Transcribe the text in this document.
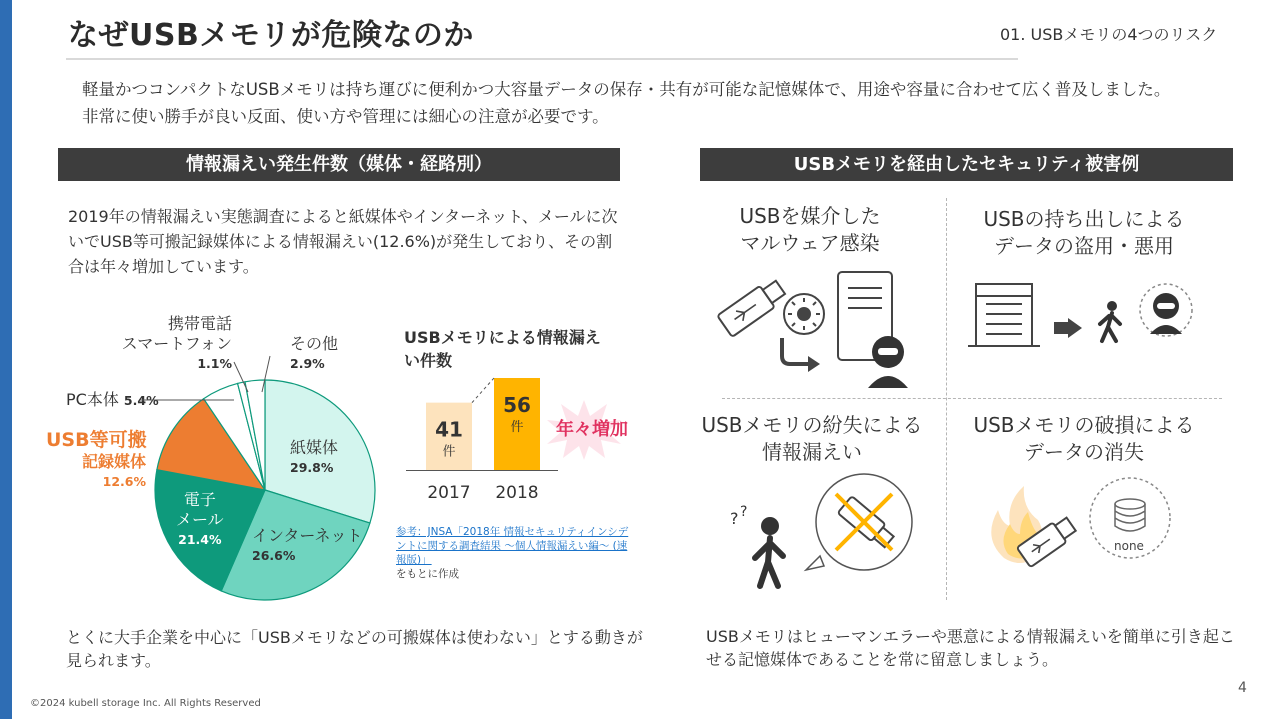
なぜUSBメモリが危険なのか	01. USBメモリの4つのリスク
軽量かつコンパクトなUSBメモリは持ち運びに便利かつ大容量データの保存・共有が可能な記憶媒体で、用途や容量に合わせて広く普及しました。非常に使い勝手が良い反面、使い方や管理には細心の注意が必要です。
情報漏えい発生件数（媒体・経路別）
2019年の情報漏えい実態調査によると紙媒体やインターネット、メールに次いでUSB等可搬記録媒体による情報漏えい(12.6%)が発生しており、その割合は年々増加しています。
紙媒体
29.8%
インターネット
26.6%
電子
メール
21.4%
USB等可搬
記録媒体
12.6%
PC本体 5.4%
携帯電話
スマートフォン
1.1%
その他
2.9%
USBメモリによる情報漏えい件数
41
件
2017
56
件
2018
年々増加
参考：JNSA「2018年 情報セキュリティインシデントに関する調査結果 〜個人情報漏えい編〜 (速報版)」
をもとに作成
とくに大手企業を中心に「USBメモリなどの可搬媒体は使わない」とする動きが見られます。
USBメモリを経由したセキュリティ被害例
USBを媒介した
マルウェア感染
USBの持ち出しによる
データの盗用・悪用
USBメモリの紛失による
情報漏えい
USBメモリの破損による
データの消失
? ?
none
USBメモリはヒューマンエラーや悪意による情報漏えいを簡単に引き起こせる記憶媒体であることを常に留意しましょう。
©2024 kubell storage Inc. All Rights Reserved
4
